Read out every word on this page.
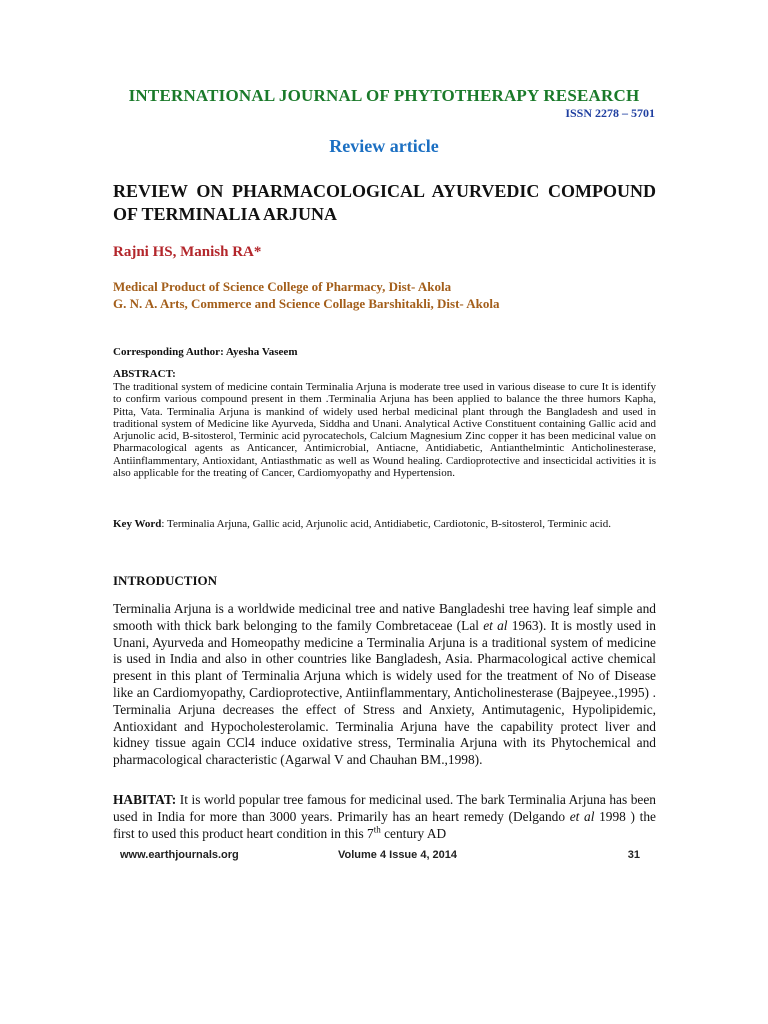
INTERNATIONAL JOURNAL OF PHYTOTHERAPY RESEARCH
ISSN 2278 – 5701
Review article
REVIEW ON PHARMACOLOGICAL AYURVEDIC COMPOUND OF TERMINALIA ARJUNA
Rajni HS, Manish RA*
Medical Product of Science College of Pharmacy, Dist- Akola
G. N. A. Arts, Commerce and Science Collage Barshitakli, Dist- Akola
Corresponding Author: Ayesha Vaseem
ABSTRACT:
The traditional system of medicine contain Terminalia Arjuna is moderate tree used in various disease to cure It is identify to confirm various compound present in them .Terminalia Arjuna has been applied to balance the three humors Kapha, Pitta, Vata. Terminalia Arjuna is mankind of widely used herbal medicinal plant through the Bangladesh and used in traditional system of Medicine like Ayurveda, Siddha and Unani. Analytical Active Constituent containing Gallic acid and Arjunolic acid, B-sitosterol, Terminic acid pyrocatechols, Calcium Magnesium Zinc copper it has been medicinal value on Pharmacological agents as Anticancer, Antimicrobial, Antiacne, Antidiabetic, Antianthelmintic Anticholinesterase, Antiinflammentary, Antioxidant, Antiasthmatic as well as Wound healing. Cardioprotective and insecticidal activities it is also applicable for the treating of Cancer, Cardiomyopathy and Hypertension.
Key Word: Terminalia Arjuna, Gallic acid, Arjunolic acid, Antidiabetic, Cardiotonic, B-sitosterol, Terminic acid.
INTRODUCTION
Terminalia Arjuna is a worldwide medicinal tree and native Bangladeshi tree having leaf simple and smooth with thick bark belonging to the family Combretaceae (Lal et al 1963). It is mostly used in Unani, Ayurveda and Homeopathy medicine a Terminalia Arjuna is a traditional system of medicine is used in India and also in other countries like Bangladesh, Asia. Pharmacological active chemical present in this plant of Terminalia Arjuna which is widely used for the treatment of No of Disease like an Cardiomyopathy, Cardioprotective, Antiinflammentary, Anticholinesterase (Bajpeyee.,1995) . Terminalia Arjuna decreases the effect of Stress and Anxiety, Antimutagenic, Hypolipidemic, Antioxidant and Hypocholesterolamic. Terminalia Arjuna have the capability protect liver and kidney tissue again CCl4 induce oxidative stress, Terminalia Arjuna with its Phytochemical and pharmacological characteristic (Agarwal V and Chauhan BM.,1998).
HABITAT: It is world popular tree famous for medicinal used. The bark Terminalia Arjuna has been used in India for more than 3000 years. Primarily has an heart remedy (Delgando et al 1998 ) the first to used this product heart condition in this 7th century AD
www.earthjournals.org	Volume 4 Issue 4, 2014	31
